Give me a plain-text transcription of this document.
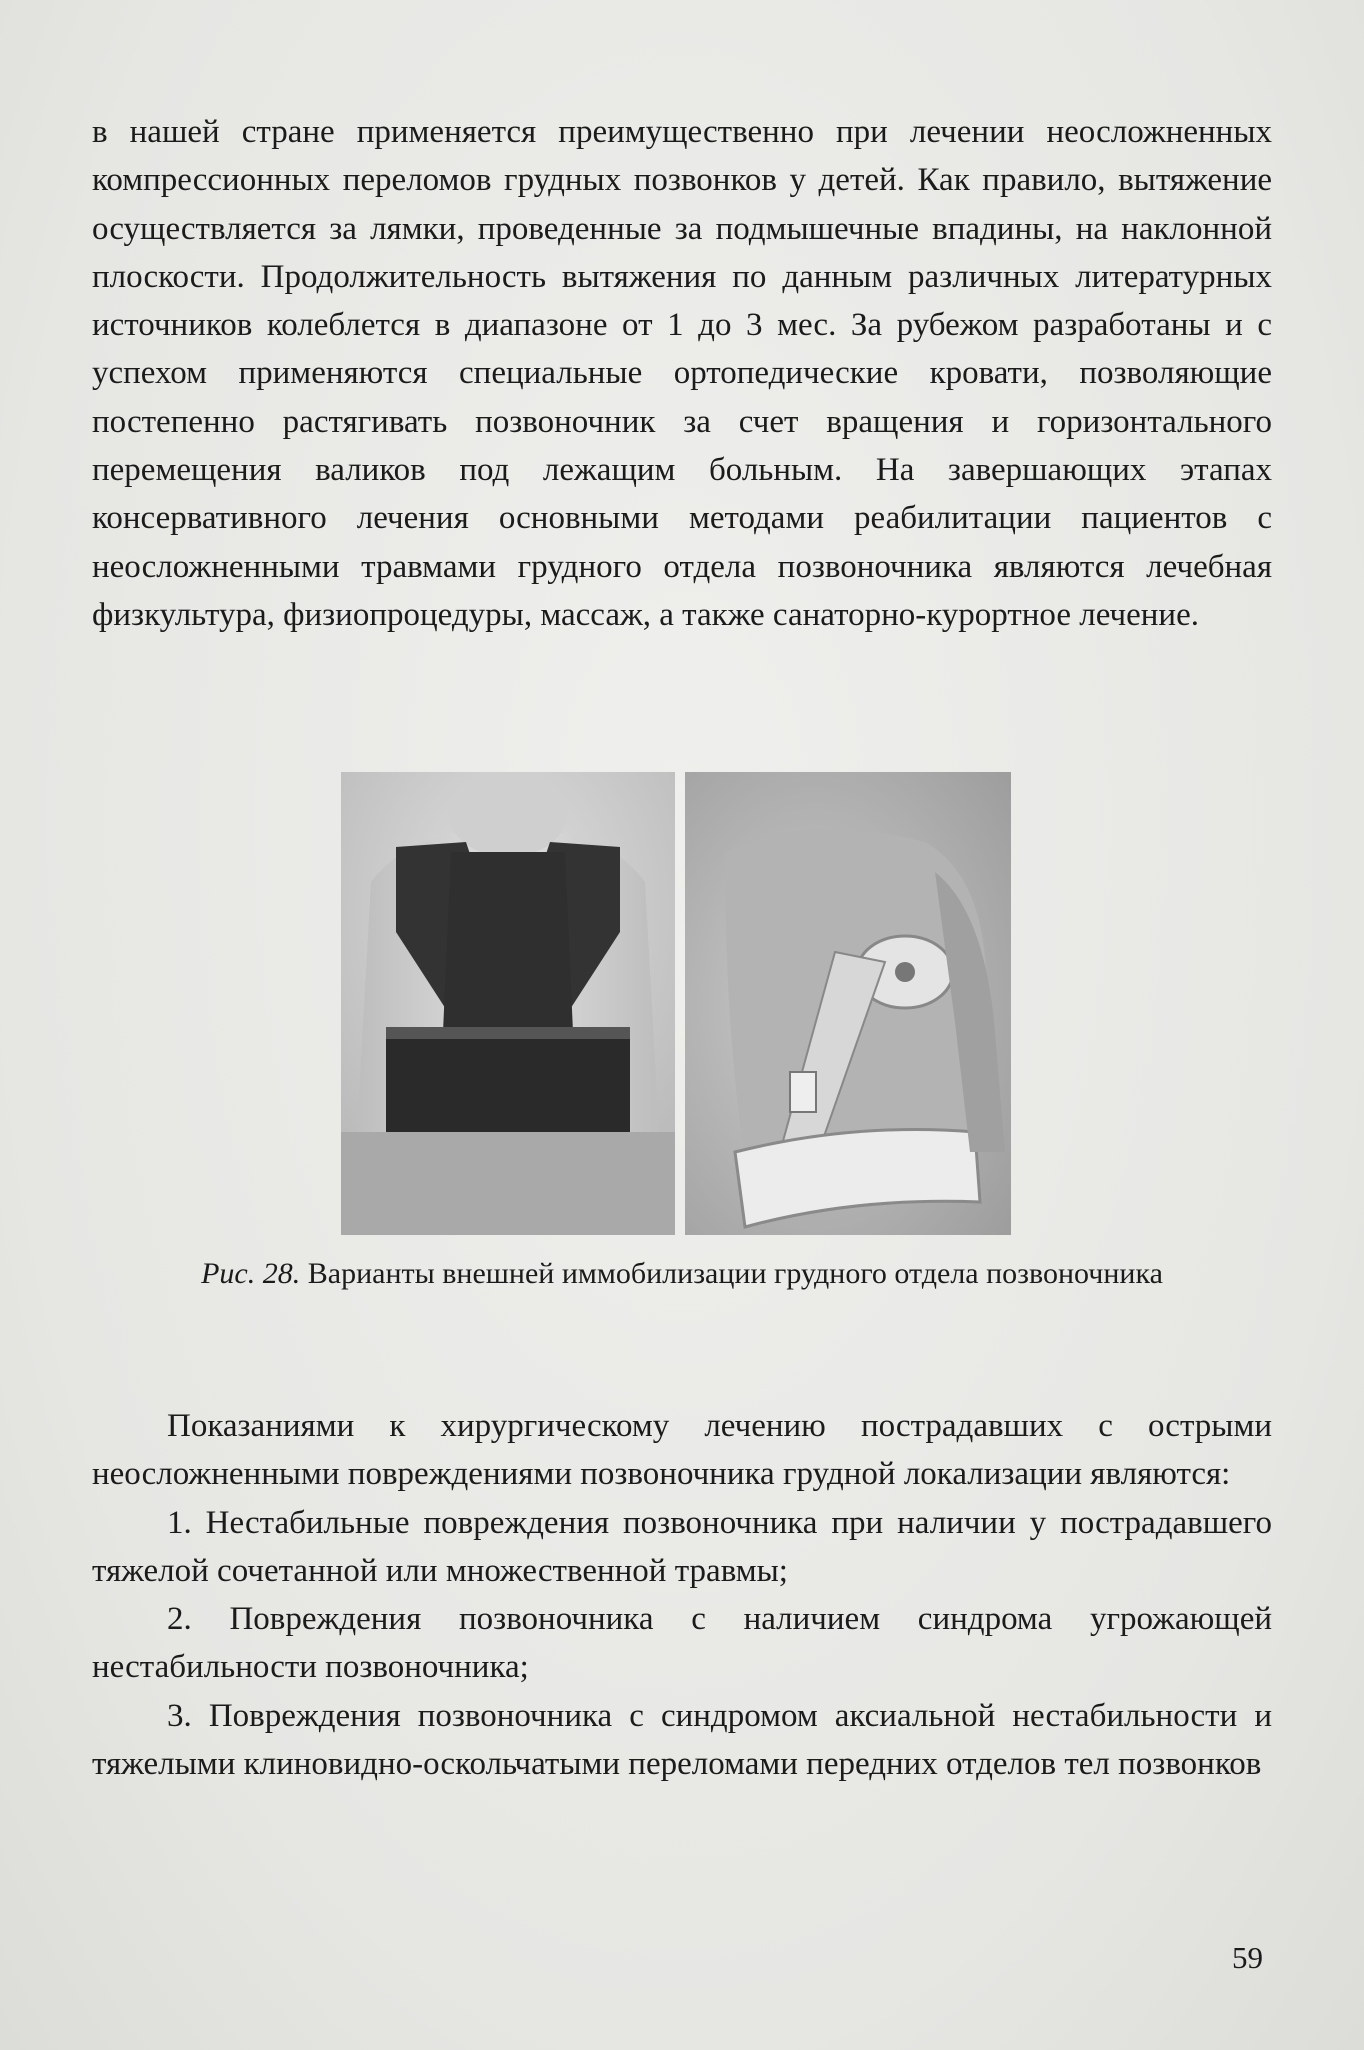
в нашей стране применяется преимущественно при лечении неосложненных компрессионных переломов грудных позвонков у детей. Как правило, вытяжение осуществляется за лямки, проведенные за подмышечные впадины, на наклонной плоскости. Продолжительность вытяжения по данным различных литературных источников колеблется в диапазоне от 1 до 3 мес. За рубежом разработаны и с успехом применяются специальные ортопедические кровати, позволяющие постепенно растягивать позвоночник за счет вращения и горизонтального перемещения валиков под лежащим больным. На завершающих этапах консервативного лечения основными методами реабилитации пациентов с неосложненными травмами грудного отдела позвоночника являются лечебная физкультура, физиопроцедуры, массаж, а также санаторно-курортное лечение.

Рис. 28. Варианты внешней иммобилизации грудного отдела позвоночника

Показаниями к хирургическому лечению пострадавших с острыми неосложненными повреждениями позвоночника грудной локализации являются:

1. Нестабильные повреждения позвоночника при наличии у пострадавшего тяжелой сочетанной или множественной травмы;

2. Повреждения позвоночника с наличием синдрома угрожающей нестабильности позвоночника;

3. Повреждения позвоночника с синдромом аксиальной нестабильности и тяжелыми клиновидно-оскольчатыми переломами передних отделов тел позвонков

59
